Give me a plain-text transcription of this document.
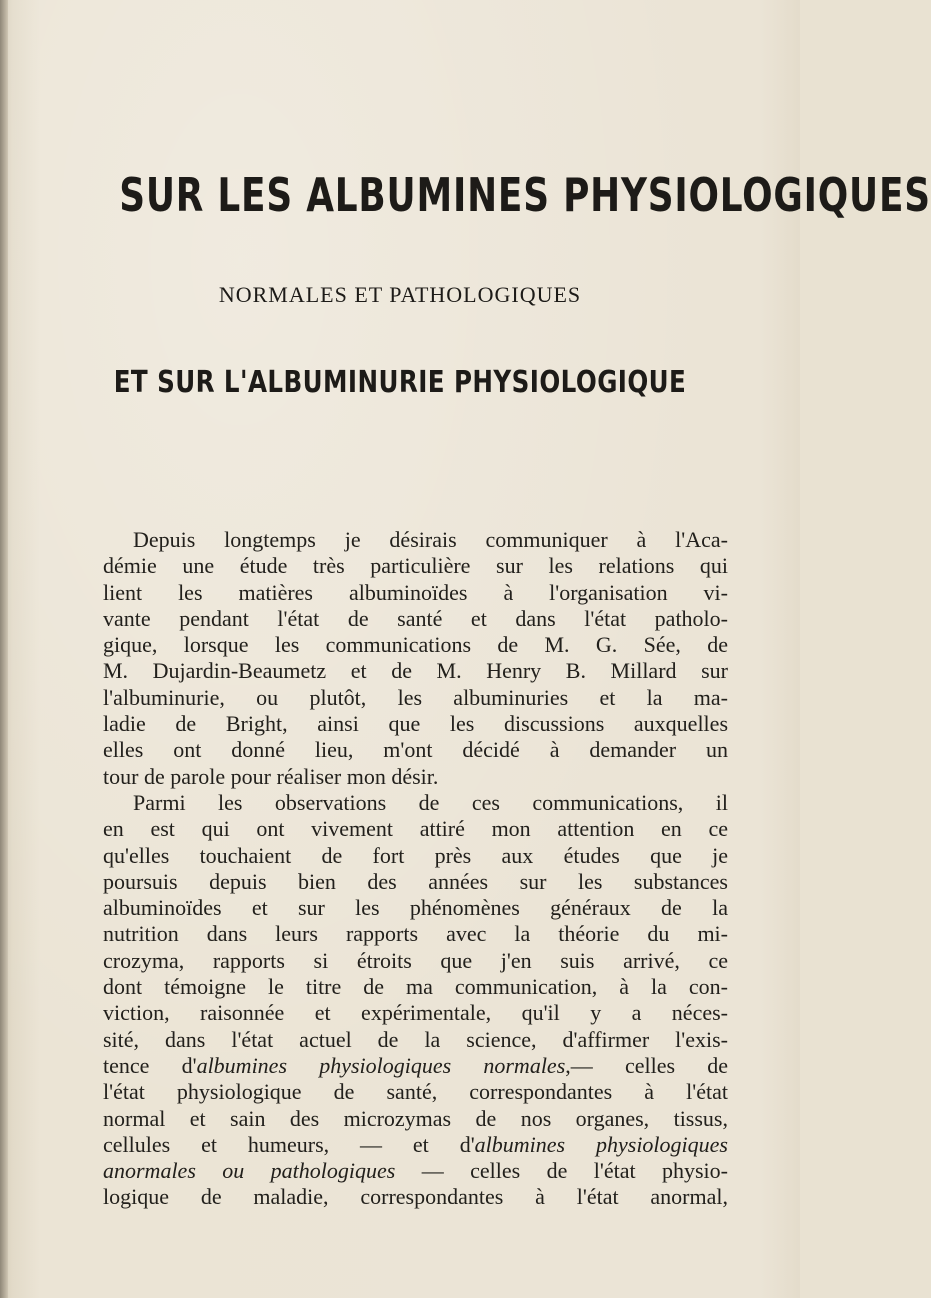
SUR LES ALBUMINES PHYSIOLOGIQUES
NORMALES ET PATHOLOGIQUES
ET SUR L'ALBUMINURIE PHYSIOLOGIQUE
Depuis longtemps je désirais communiquer à l'Aca-
démie une étude très particulière sur les relations qui
lient les matières albuminoïdes à l'organisation vi-
vante pendant l'état de santé et dans l'état patholo-
gique, lorsque les communications de M. G. Sée, de
M. Dujardin-Beaumetz et de M. Henry B. Millard sur
l'albuminurie, ou plutôt, les albuminuries et la ma-
ladie de Bright, ainsi que les discussions auxquelles
elles ont donné lieu, m'ont décidé à demander un
tour de parole pour réaliser mon désir.
Parmi les observations de ces communications, il
en est qui ont vivement attiré mon attention en ce
qu'elles touchaient de fort près aux études que je
poursuis depuis bien des années sur les substances
albuminoïdes et sur les phénomènes généraux de la
nutrition dans leurs rapports avec la théorie du mi-
crozyma, rapports si étroits que j'en suis arrivé, ce
dont témoigne le titre de ma communication, à la con-
viction, raisonnée et expérimentale, qu'il y a néces-
sité, dans l'état actuel de la science, d'affirmer l'exis-
tence d'albumines physiologiques normales,— celles de
l'état physiologique de santé, correspondantes à l'état
normal et sain des microzymas de nos organes, tissus,
cellules et humeurs, — et d'albumines physiologiques
anormales ou pathologiques — celles de l'état physio-
logique de maladie, correspondantes à l'état anormal,
